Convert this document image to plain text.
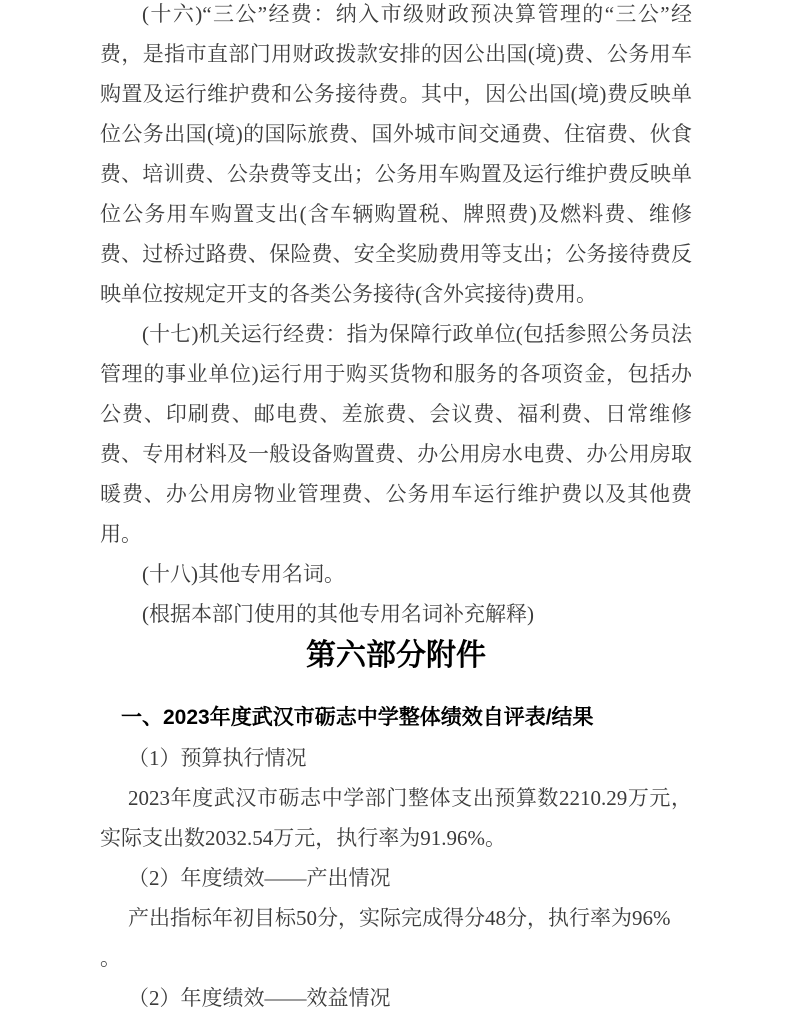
(十六)“三公”经费：纳入市级财政预决算管理的“三公”经费，是指市直部门用财政拨款安排的因公出国(境)费、公务用车购置及运行维护费和公务接待费。其中，因公出国(境)费反映单位公务出国(境)的国际旅费、国外城市间交通费、住宿费、伙食费、培训费、公杂费等支出；公务用车购置及运行维护费反映单位公务用车购置支出(含车辆购置税、牌照费)及燃料费、维修费、过桥过路费、保险费、安全奖励费用等支出；公务接待费反映单位按规定开支的各类公务接待(含外宾接待)费用。

(十七)机关运行经费：指为保障行政单位(包括参照公务员法管理的事业单位)运行用于购买货物和服务的各项资金，包括办公费、印刷费、邮电费、差旅费、会议费、福利费、日常维修费、专用材料及一般设备购置费、办公用房水电费、办公用房取暖费、办公用房物业管理费、公务用车运行维护费以及其他费用。

(十八)其他专用名词。

(根据本部门使用的其他专用名词补充解释)

第六部分附件

一、2023年度武汉市砺志中学整体绩效自评表/结果

（1）预算执行情况

2023年度武汉市砺志中学部门整体支出预算数2210.29万元，实际支出数2032.54万元，执行率为91.96%。

（2）年度绩效——产出情况

产出指标年初目标50分，实际完成得分48分，执行率为96%

。

（2）年度绩效——效益情况
